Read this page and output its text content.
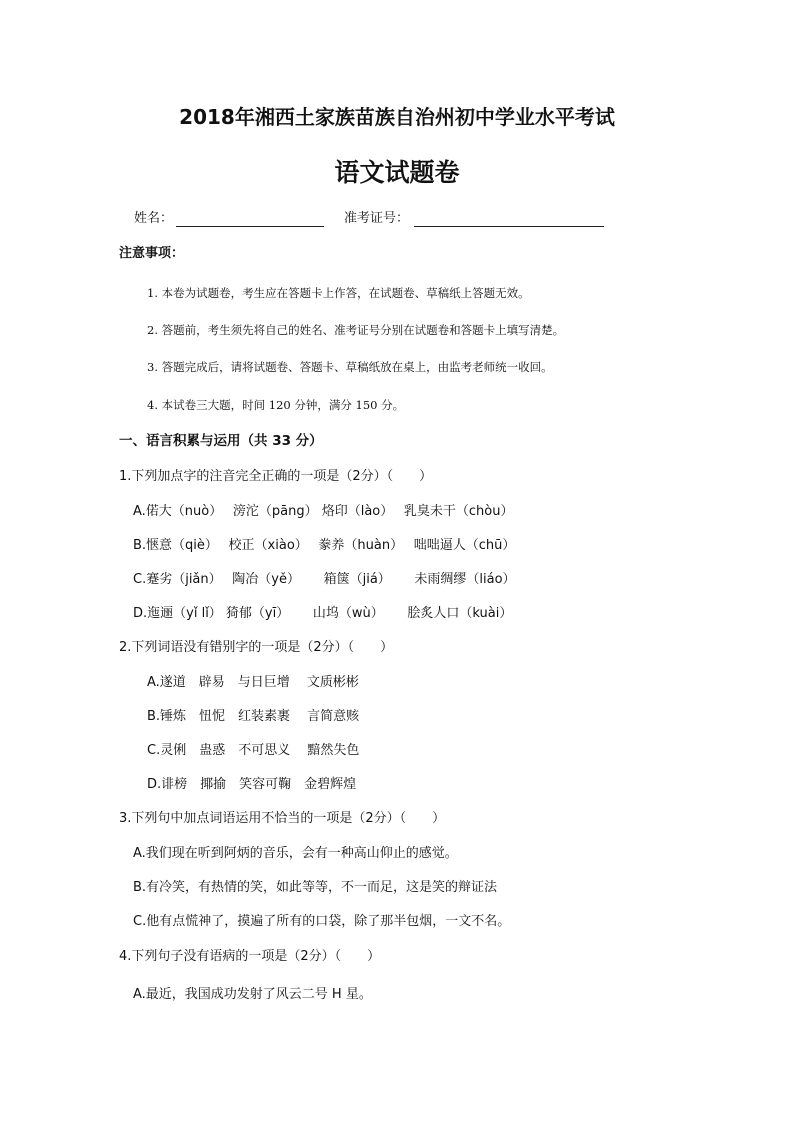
2018年湘西土家族苗族自治州初中学业水平考试
语文试题卷
姓名：	准考证号：
注意事项：
1. 本卷为试题卷，考生应在答题卡上作答，在试题卷、草稿纸上答题无效。
2. 答题前，考生须先将自己的姓名、准考证号分别在试题卷和答题卡上填写清楚。
3. 答题完成后，请将试题卷、答题卡、草稿纸放在桌上，由监考老师统一收回。
4. 本试卷三大题，时间 120 分钟，满分 150 分。
一、语言积累与运用（共 33 分）
1.下列加点字的注音完全正确的一项是（2分）（　　）
A.偌大（nuò）　 滂沱（pāng） 烙印（lào）　 乳臭未干（chòu）
B.惬意（qiè）　 校正（xiào）　 豢养（huàn）　 咄咄逼人（chū）
C.蹇劣（jiǎn）　 陶冶（yě）　　 箱箧（jiá）　　 未雨绸缪（liáo）
D.迤逦（yǐ lǐ） 猗郁（yī）　　 山坞（wù）　　 脍炙人口（kuài）
2.下列词语没有错别字的一项是（2分）（　　）
A.遂道　辟易　与日巨增　 文质彬彬
B.锤炼　忸怩　红装素裹　 言简意赅
C.灵俐　蛊惑　不可思义　 黯然失色
D.诽榜　揶揄　笑容可鞠　金碧辉煌
3.下列句中加点词语运用不恰当的一项是（2分）（　　）
A.我们现在听到阿炳的音乐，会有一种高山仰止的感觉。
B.有冷笑，有热情的笑，如此等等，不一而足，这是笑的辩证法
C.他有点慌神了，摸遍了所有的口袋，除了那半包烟，一文不名。
4.下列句子没有语病的一项是（2分）（　　）
A.最近，我国成功发射了风云二号 H 星。
